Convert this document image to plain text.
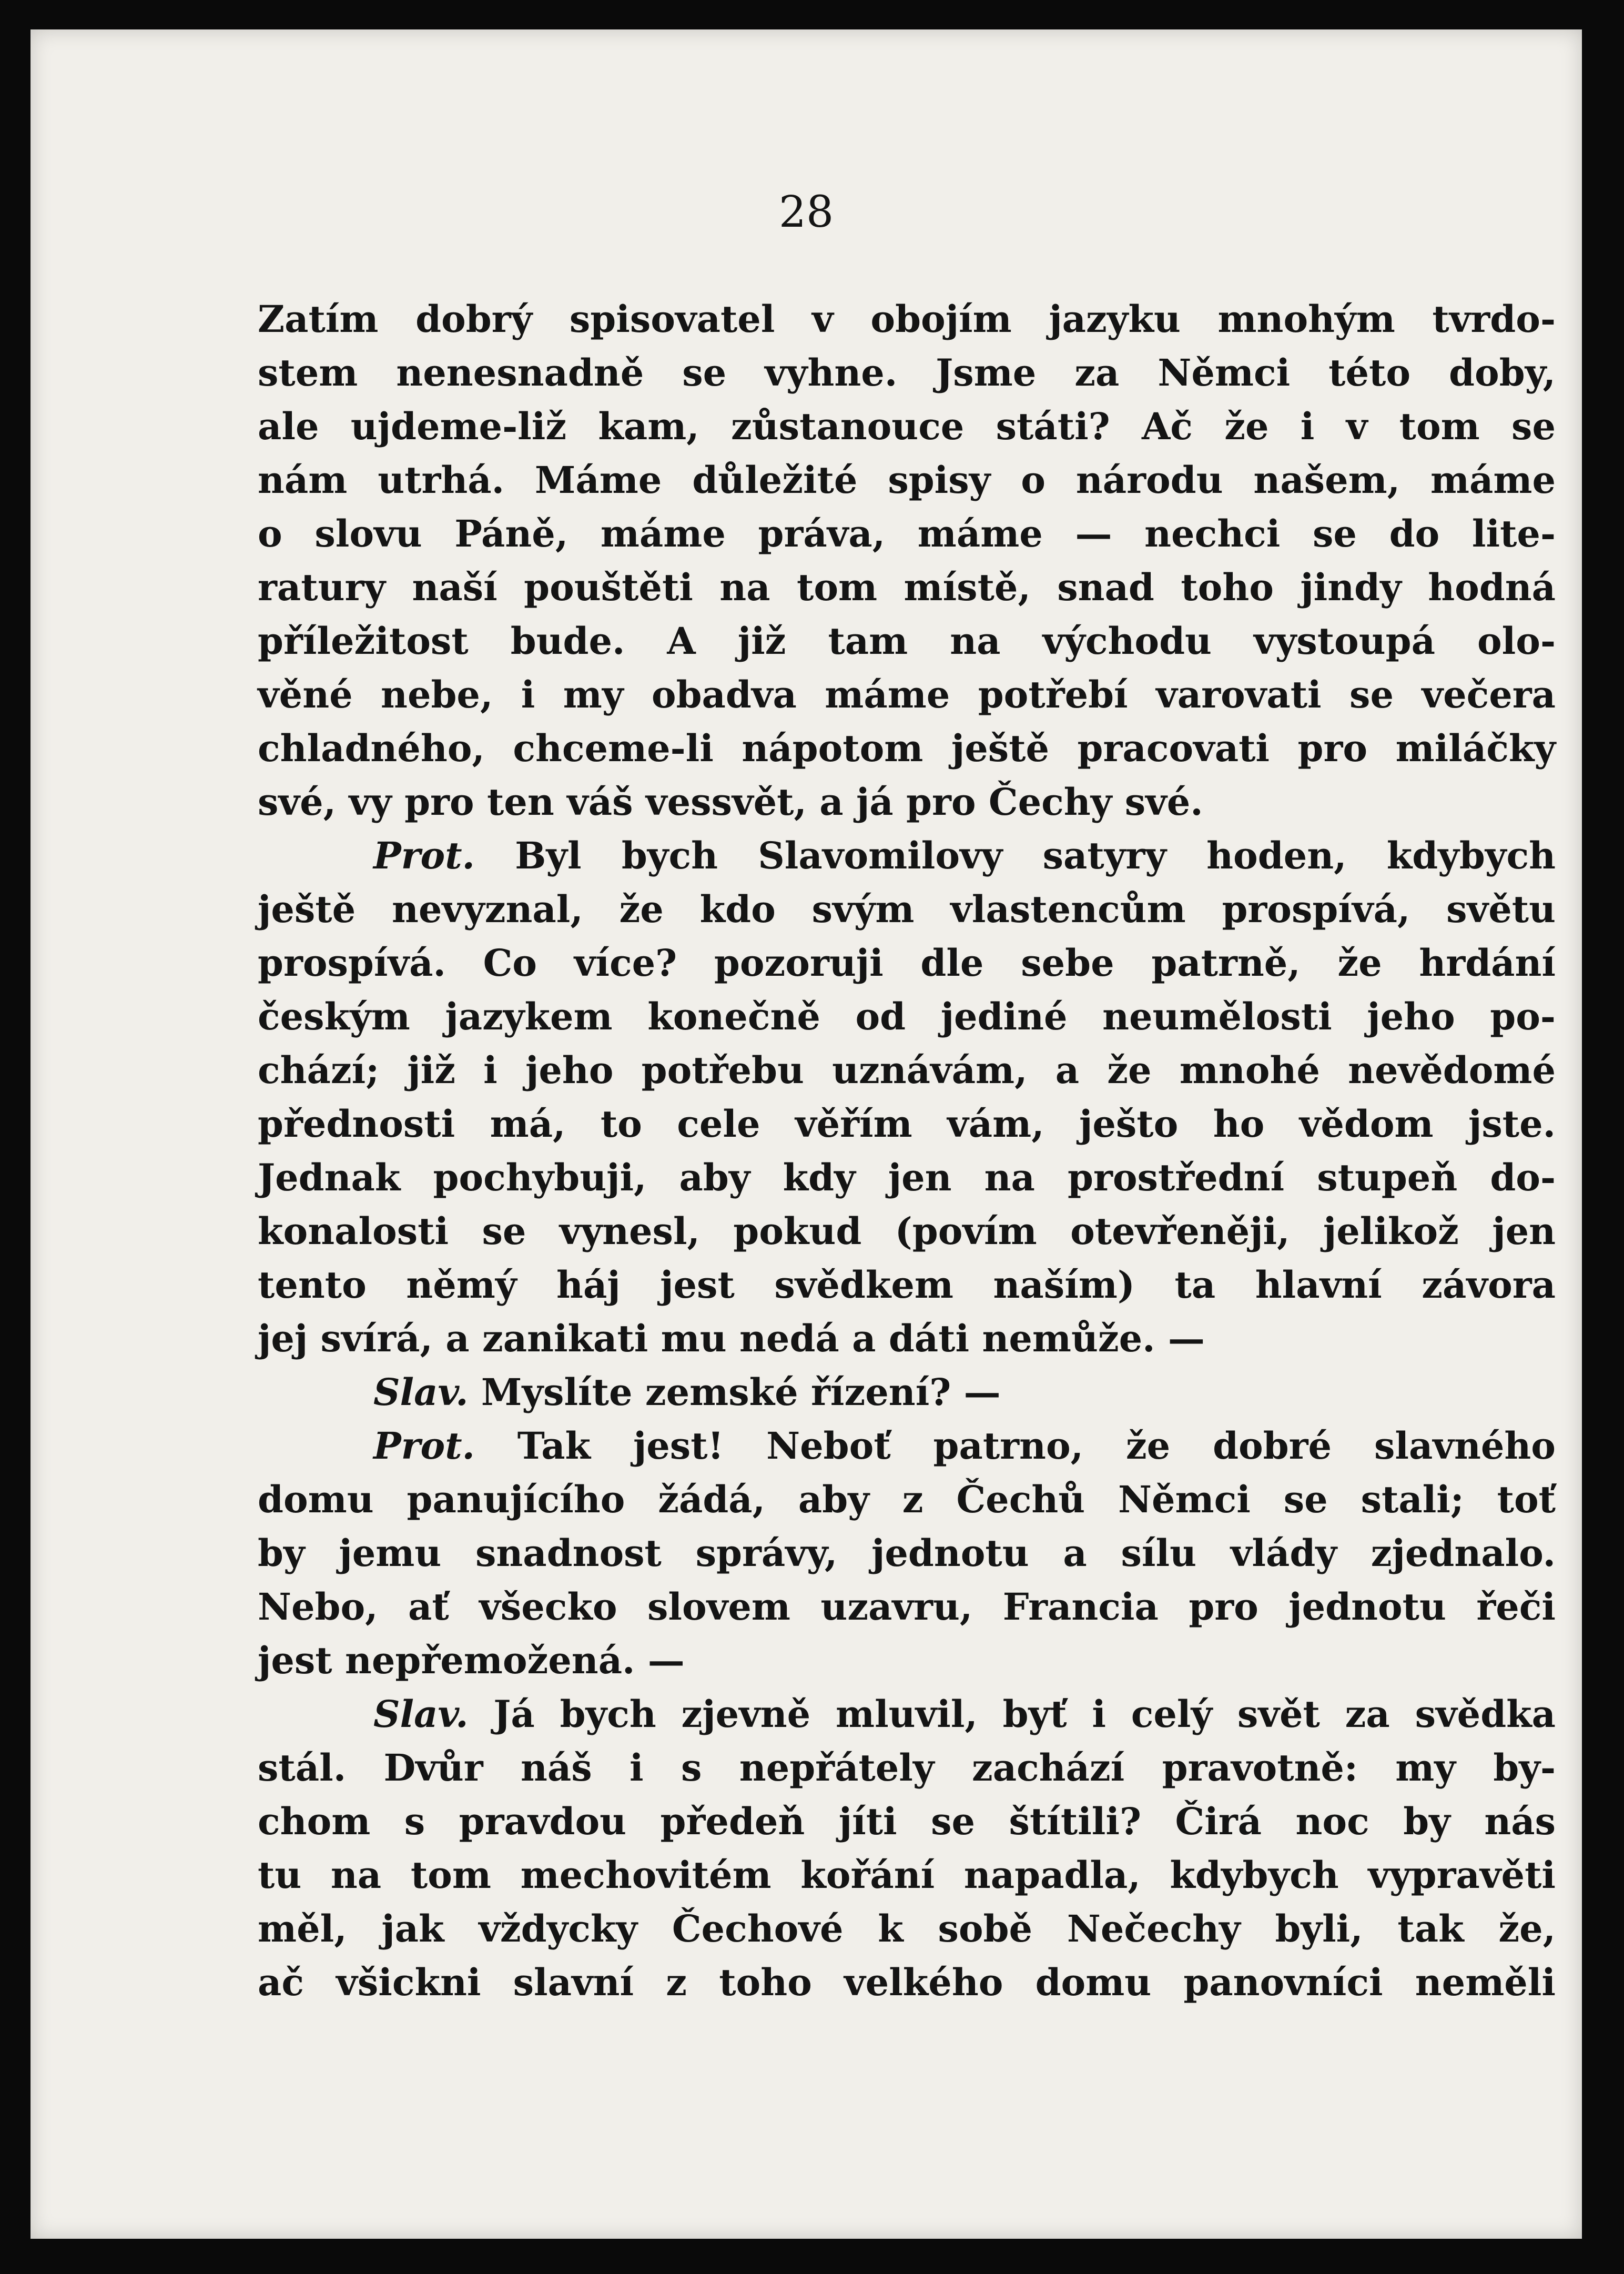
28
Zatím dobrý spisovatel v obojím jazyku mnohým tvrdo-
stem nenesnadně se vyhne. Jsme za Němci této doby,
ale ujdeme-liž kam, zůstanouce státi? Ač že i v tom se
nám utrhá. Máme důležité spisy o národu našem, máme
o slovu Páně, máme práva, máme — nechci se do lite-
ratury naší pouštěti na tom místě, snad toho jindy hodná
příležitost bude. A již tam na východu vystoupá olo-
věné nebe, i my obadva máme potřebí varovati se večera
chladného, chceme-li nápotom ještě pracovati pro miláčky
své, vy pro ten váš vessvět, a já pro Čechy své.
Prot. Byl bych Slavomilovy satyry hoden, kdybych
ještě nevyznal, že kdo svým vlastencům prospívá, světu
prospívá. Co více? pozoruji dle sebe patrně, že hrdání
českým jazykem konečně od jediné neumělosti jeho po-
chází; již i jeho potřebu uznávám, a že mnohé nevědomé
přednosti má, to cele věřím vám, ješto ho vědom jste.
Jednak pochybuji, aby kdy jen na prostřední stupeň do-
konalosti se vynesl, pokud (povím otevřeněji, jelikož jen
tento němý háj jest svědkem naším) ta hlavní závora
jej svírá, a zanikati mu nedá a dáti nemůže. —
Slav. Myslíte zemské řízení? —
Prot. Tak jest! Neboť patrno, že dobré slavného
domu panujícího žádá, aby z Čechů Němci se stali; toť
by jemu snadnost správy, jednotu a sílu vlády zjednalo.
Nebo, ať všecko slovem uzavru, Francia pro jednotu řeči
jest nepřemožená. —
Slav. Já bych zjevně mluvil, byť i celý svět za svědka
stál. Dvůr náš i s nepřátely zachází pravotně: my by-
chom s pravdou předeň jíti se štítili? Čirá noc by nás
tu na tom mechovitém kořání napadla, kdybych vypravěti
měl, jak vždycky Čechové k sobě Nečechy byli, tak že,
ač všickni slavní z toho velkého domu panovníci neměli
